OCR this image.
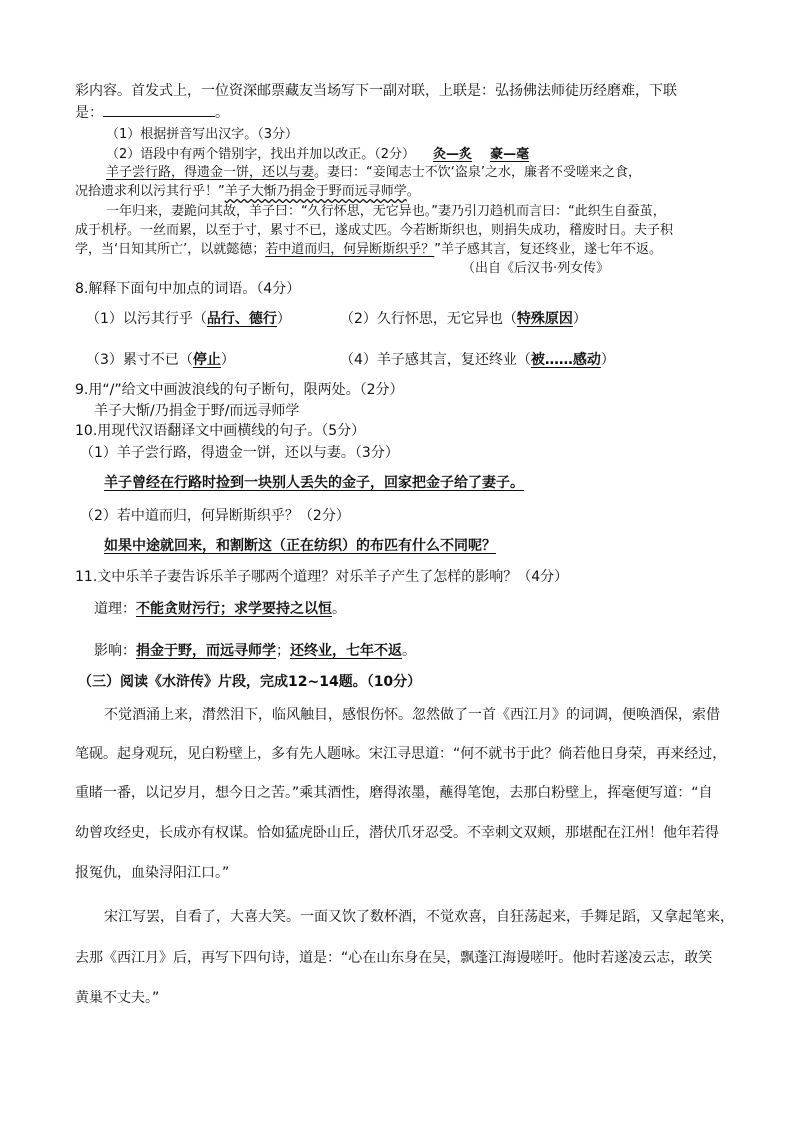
彩内容。首发式上，一位资深邮票藏友当场写下一副对联，上联是：弘扬佛法师徒历经磨难，下联
是：	。
（1）根据拼音写出汉字。（3分）
（2）语段中有两个错别字，找出并加以改正。（2分） 灸—炙 豪—毫
羊子尝行路，得遗金一饼，还以与妻。妻曰：“妾闻志士不饮‘盗泉’之水，廉者不受嗟来之食，
况拾遗求利以污其行乎！”羊子大惭乃捐金于野而远寻师学。
一年归来，妻跪问其故，羊子曰：“久行怀思，无它异也。”妻乃引刀趋机而言曰：“此织生自蚕茧，
成于机杼。一丝而累，以至于寸，累寸不已，遂成丈匹。今若断斯织也，则捐失成功，稽废时日。夫子积
学，当‘日知其所亡’，以就懿德；若中道而归，何异断斯织乎？”羊子感其言，复还终业，遂七年不返。
（出自《后汉书·列女传》
8.解释下面句中加点的词语。（4分）
（1）以污其行乎（品行、德行）	（2）久行怀思，无它异也（特殊原因）
（3）累寸不已（停止）	（4）羊子感其言，复还终业（被……感动）
9.用“/”给文中画波浪线的句子断句，限两处。（2分）
羊子大惭/乃捐金于野/而远寻师学
10.用现代汉语翻译文中画横线的句子。（5分）
（1）羊子尝行路，得遗金一饼，还以与妻。（3分）
羊子曾经在行路时捡到一块别人丢失的金子，回家把金子给了妻子。
（2）若中道而归，何异断斯织乎？（2分）
如果中途就回来，和割断这（正在纺织）的布匹有什么不同呢？
11.文中乐羊子妻告诉乐羊子哪两个道理？对乐羊子产生了怎样的影响？（4分）
道理：不能贪财污行；求学要持之以恒。
影响：捐金于野，而远寻师学；还终业，七年不返。
（三）阅读《水浒传》片段，完成12~14题。（10分）
不觉酒涌上来，潸然泪下，临风触目，感恨伤怀。忽然做了一首《西江月》的词调，便唤酒保，索借
笔砚。起身观玩，见白粉壁上，多有先人题咏。宋江寻思道：“何不就书于此？倘若他日身荣，再来经过，
重睹一番，以记岁月，想今日之苦。”乘其酒性，磨得浓墨，蘸得笔饱，去那白粉壁上，挥毫便写道：“自
幼曾攻经史，长成亦有权谋。恰如猛虎卧山丘，潜伏爪牙忍受。不幸刺文双颊，那堪配在江州！他年若得
报冤仇，血染浔阳江口。”
宋江写罢，自看了，大喜大笑。一面又饮了数杯酒，不觉欢喜，自狂荡起来，手舞足蹈，又拿起笔来，
去那《西江月》后，再写下四句诗，道是：“心在山东身在吴，飘蓬江海谩嗟吁。他时若遂凌云志，敢笑
黄巢不丈夫。”
